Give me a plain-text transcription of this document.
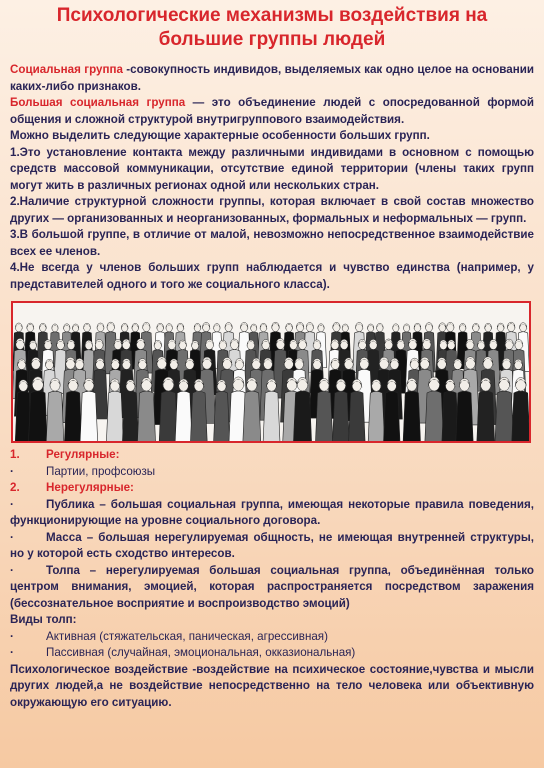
Психологические механизмы воздействия на
большие группы людей

Социальная группа -совокупность индивидов, выделяемых как одно целое на основании каких-либо признаков.

Большая социальная группа — это объединение людей с опосредованной формой общения и сложной структурой внутригруппового взаимодействия.

Можно выделить следующие характерные особенности больших групп.

1.Это установление контакта между различными индивидами в основном с помощью средств массовой коммуникации, отсутствие единой территории (члены таких групп могут жить в различных регионах одной или нескольких стран.

2.Наличие структурной сложности группы, которая включает в свой состав множество других — организованных и неорганизованных, формальных и неформальных — групп.

3.В большой группе, в отличие от малой, невозможно непосредственное взаимодействие всех ее членов.

4.Не всегда у членов больших групп наблюдается и чувство единства (например, у представителей одного и того же социального класса).

1.	Регулярные:
·	Партии, профсоюзы
2.	Нерегулярные:

·	Публика – большая социальная группа, имеющая некоторые правила поведения, функционирующие на уровне социального договора.

·	Масса – большая нерегулируемая общность, не имеющая внутренней структуры, но у которой есть сходство интересов.

·	Толпа – нерегулируемая большая социальная группа, объединённая только центром внимания, эмоцией, которая распространяется посредством заражения (бессознательное восприятие и воспроизводство эмоций)

Виды толп:

·	Активная (стяжательская, паническая, агрессивная)
·	Пассивная (случайная, эмоциональная, окказиональная)

Психологическое воздействие -воздействие на психическое состояние,чувства и мысли других людей,а не воздействие непосредственно на тело человека или объективную окружающую его ситуацию.
